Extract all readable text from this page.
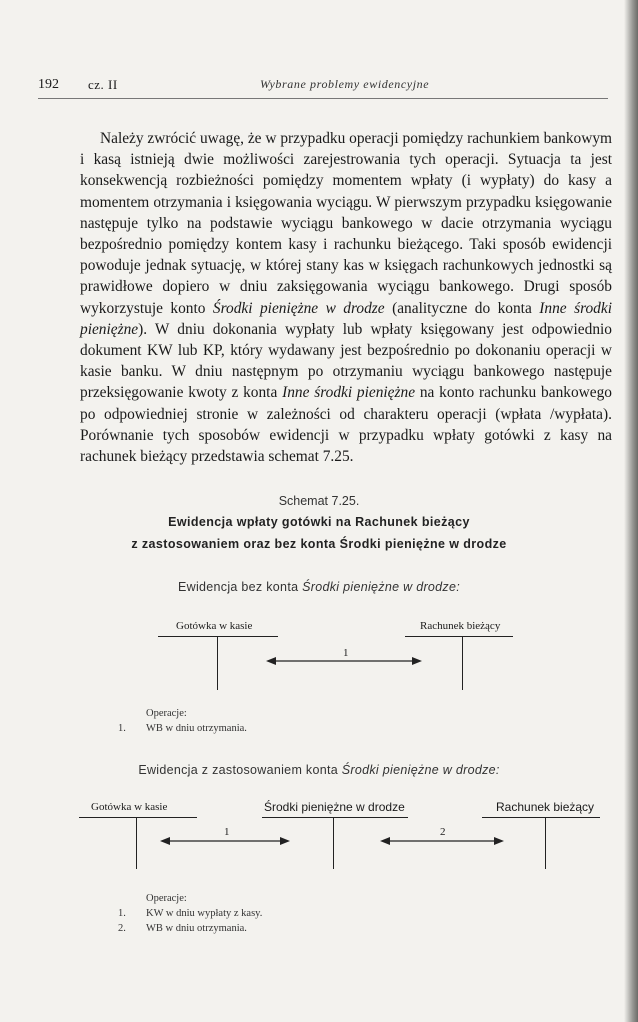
192 cz. II	Wybrane problemy ewidencyjne

Należy zwrócić uwagę, że w przypadku operacji pomiędzy rachunkiem bankowym i kasą istnieją dwie możliwości zarejestrowania tych operacji. Sytuacja ta jest konsekwencją rozbieżności pomiędzy momentem wpłaty (i wypłaty) do kasy a momentem otrzymania i księgowania wyciągu. W pierwszym przypadku księgowanie następuje tylko na podstawie wyciągu bankowego w dacie otrzymania wyciągu bezpośrednio pomiędzy kontem kasy i rachunku bieżącego. Taki sposób ewidencji powoduje jednak sytuację, w której stany kas w księgach rachunkowych jednostki są prawidłowe dopiero w dniu zaksięgowania wyciągu bankowego. Drugi sposób wykorzystuje konto Środki pieniężne w drodze (analityczne do konta Inne środki pieniężne). W dniu dokonania wypłaty lub wpłaty księgowany jest odpowiednio dokument KW lub KP, który wydawany jest bezpośrednio po dokonaniu operacji w kasie banku. W dniu następnym po otrzymaniu wyciągu bankowego następuje przeksięgowanie kwoty z konta Inne środki pieniężne na konto rachunku bankowego po odpowiedniej stronie w zależności od charakteru operacji (wpłata /wypłata). Porównanie tych sposobów ewidencji w przypadku wpłaty gotówki z kasy na rachunek bieżący przedstawia schemat 7.25.

Schemat 7.25.
Ewidencja wpłaty gotówki na Rachunek bieżący
z zastosowaniem oraz bez konta Środki pieniężne w drodze
Ewidencja bez konta Środki pieniężne w drodze:
Gotówka w kasie	Rachunek bieżący
1
Operacje:
1. WB w dniu otrzymania.
Ewidencja z zastosowaniem konta Środki pieniężne w drodze:
Gotówka w kasie	Środki pieniężne w drodze	Rachunek bieżący
1	2
Operacje:
1. KW w dniu wypłaty z kasy.
2. WB w dniu otrzymania.
